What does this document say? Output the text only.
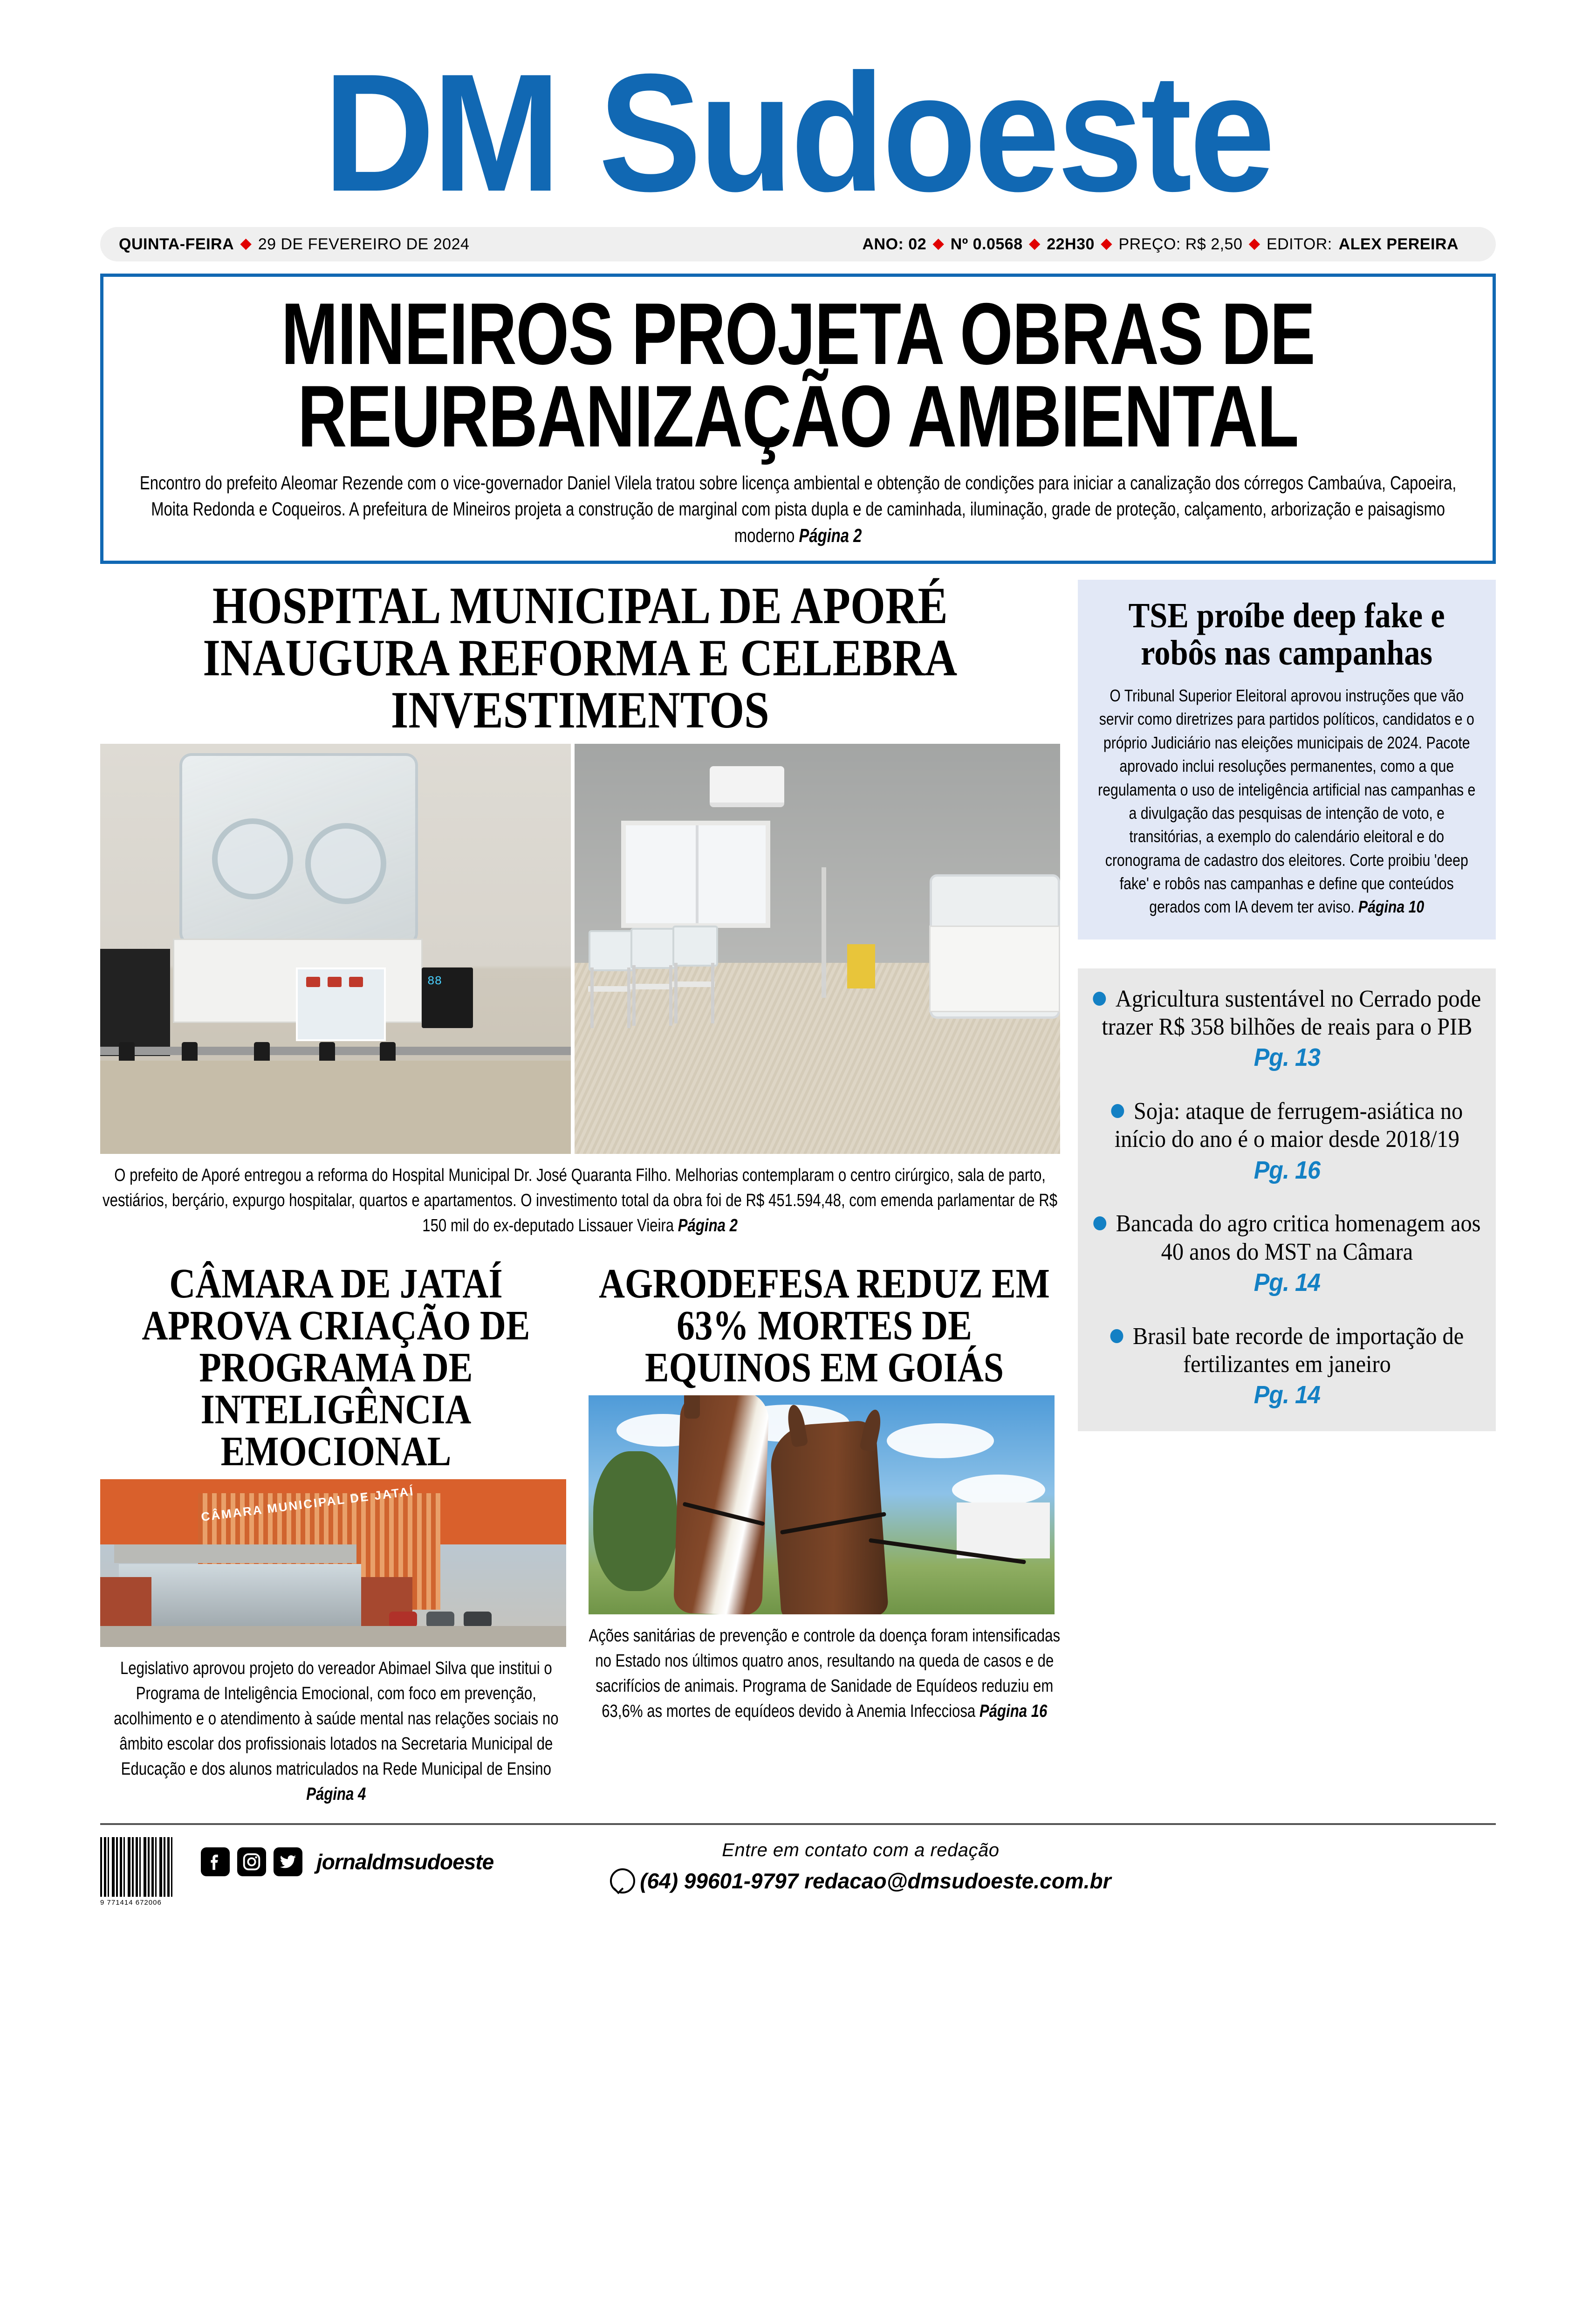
DM Sudoeste
QUINTA-FEIRA ◆ 29 DE FEVEREIRO DE 2024	ANO: 02 ◆ Nº 0.0568 ◆ 22H30 ◆ PREÇO: R$ 2,50 ◆ EDITOR: ALEX PEREIRA
MINEIROS PROJETA OBRAS DE
REURBANIZAÇÃO AMBIENTAL
Encontro do prefeito Aleomar Rezende com o vice-governador Daniel Vilela tratou sobre licença ambiental e obtenção de condições para iniciar a canalização dos córregos Cambaúva, Capoeira, Moita Redonda e Coqueiros. A prefeitura de Mineiros projeta a construção de marginal com pista dupla e de caminhada, iluminação, grade de proteção, calçamento, arborização e paisagismo moderno Página 2
HOSPITAL MUNICIPAL DE APORÉ INAUGURA REFORMA E CELEBRA INVESTIMENTOS
88
O prefeito de Aporé entregou a reforma do Hospital Municipal Dr. José Quaranta Filho. Melhorias contemplaram o centro cirúrgico, sala de parto, vestiários, berçário, expurgo hospitalar, quartos e apartamentos. O investimento total da obra foi de R$ 451.594,48, com emenda parlamentar de R$ 150 mil do ex-deputado Lissauer Vieira Página 2
CÂMARA DE JATAÍ APROVA CRIAÇÃO DE PROGRAMA DE INTELIGÊNCIA EMOCIONAL
CÂMARA MUNICIPAL DE JATAÍ
Legislativo aprovou projeto do vereador Abimael Silva que institui o Programa de Inteligência Emocional, com foco em prevenção, acolhimento e o atendimento à saúde mental nas relações sociais no âmbito escolar dos profissionais lotados na Secretaria Municipal de Educação e dos alunos matriculados na Rede Municipal de Ensino
Página 4
AGRODEFESA REDUZ EM 63% MORTES DE EQUINOS EM GOIÁS
Ações sanitárias de prevenção e controle da doença foram intensificadas no Estado nos últimos quatro anos, resultando na queda de casos e de sacrifícios de animais. Programa de Sanidade de Equídeos reduziu em 63,6% as mortes de equídeos devido à Anemia Infecciosa Página 16
TSE proíbe deep fake e robôs nas campanhas
O Tribunal Superior Eleitoral aprovou instruções que vão servir como diretrizes para partidos políticos, candidatos e o próprio Judiciário nas eleições municipais de 2024. Pacote aprovado inclui resoluções permanentes, como a que regulamenta o uso de inteligência artificial nas campanhas e a divulgação das pesquisas de intenção de voto, e transitórias, a exemplo do calendário eleitoral e do cronograma de cadastro dos eleitores. Corte proibiu 'deep fake' e robôs nas campanhas e define que conteúdos gerados com IA devem ter aviso. Página 10
Agricultura sustentável no Cerrado pode trazer R$ 358 bilhões de reais para o PIB
Pg. 13
Soja: ataque de ferrugem-asiática no início do ano é o maior desde 2018/19
Pg. 16
Bancada do agro critica homenagem aos 40 anos do MST na Câmara
Pg. 14
Brasil bate recorde de importação de fertilizantes em janeiro
Pg. 14
9 771414 672006
jornaldmsudoeste	Entre em contato com a redação
(64) 99601-9797 redacao@dmsudoeste.com.br
